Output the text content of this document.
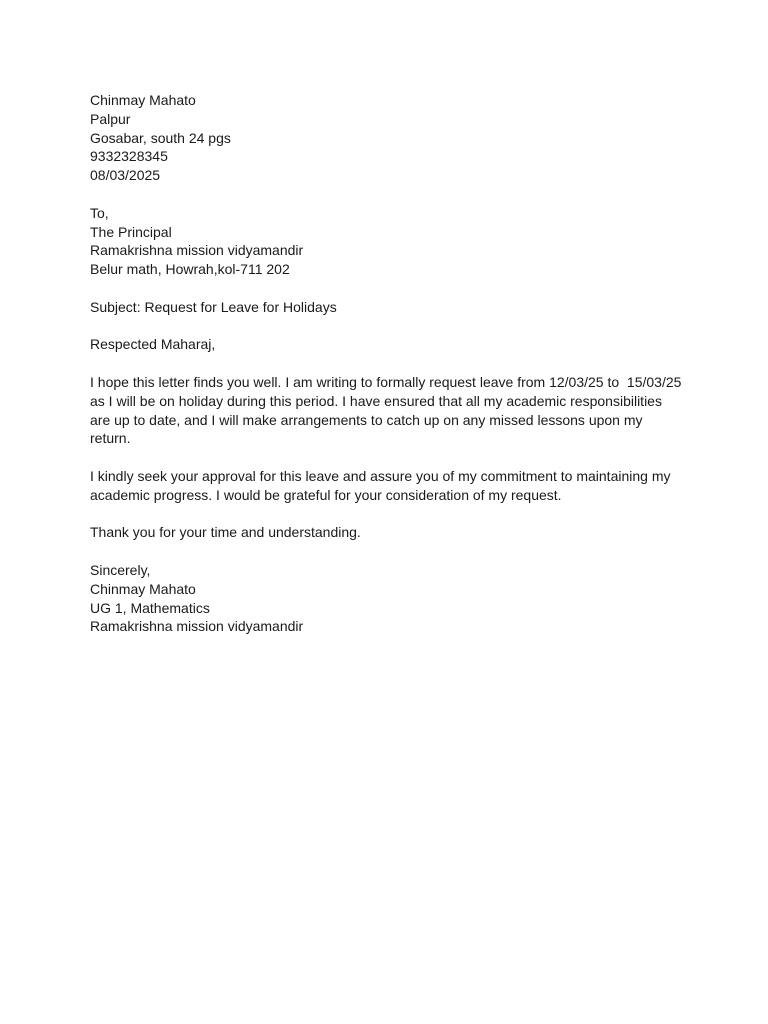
Chinmay Mahato
Palpur
Gosabar, south 24 pgs
9332328345
08/03/2025
To,
The Principal
Ramakrishna mission vidyamandir
Belur math, Howrah,kol-711 202
Subject: Request for Leave for Holidays
Respected Maharaj,
I hope this letter finds you well. I am writing to formally request leave from 12/03/25 to  15/03/25
as I will be on holiday during this period. I have ensured that all my academic responsibilities
are up to date, and I will make arrangements to catch up on any missed lessons upon my
return.
I kindly seek your approval for this leave and assure you of my commitment to maintaining my
academic progress. I would be grateful for your consideration of my request.
Thank you for your time and understanding.
Sincerely,
Chinmay Mahato
UG 1, Mathematics
Ramakrishna mission vidyamandir
